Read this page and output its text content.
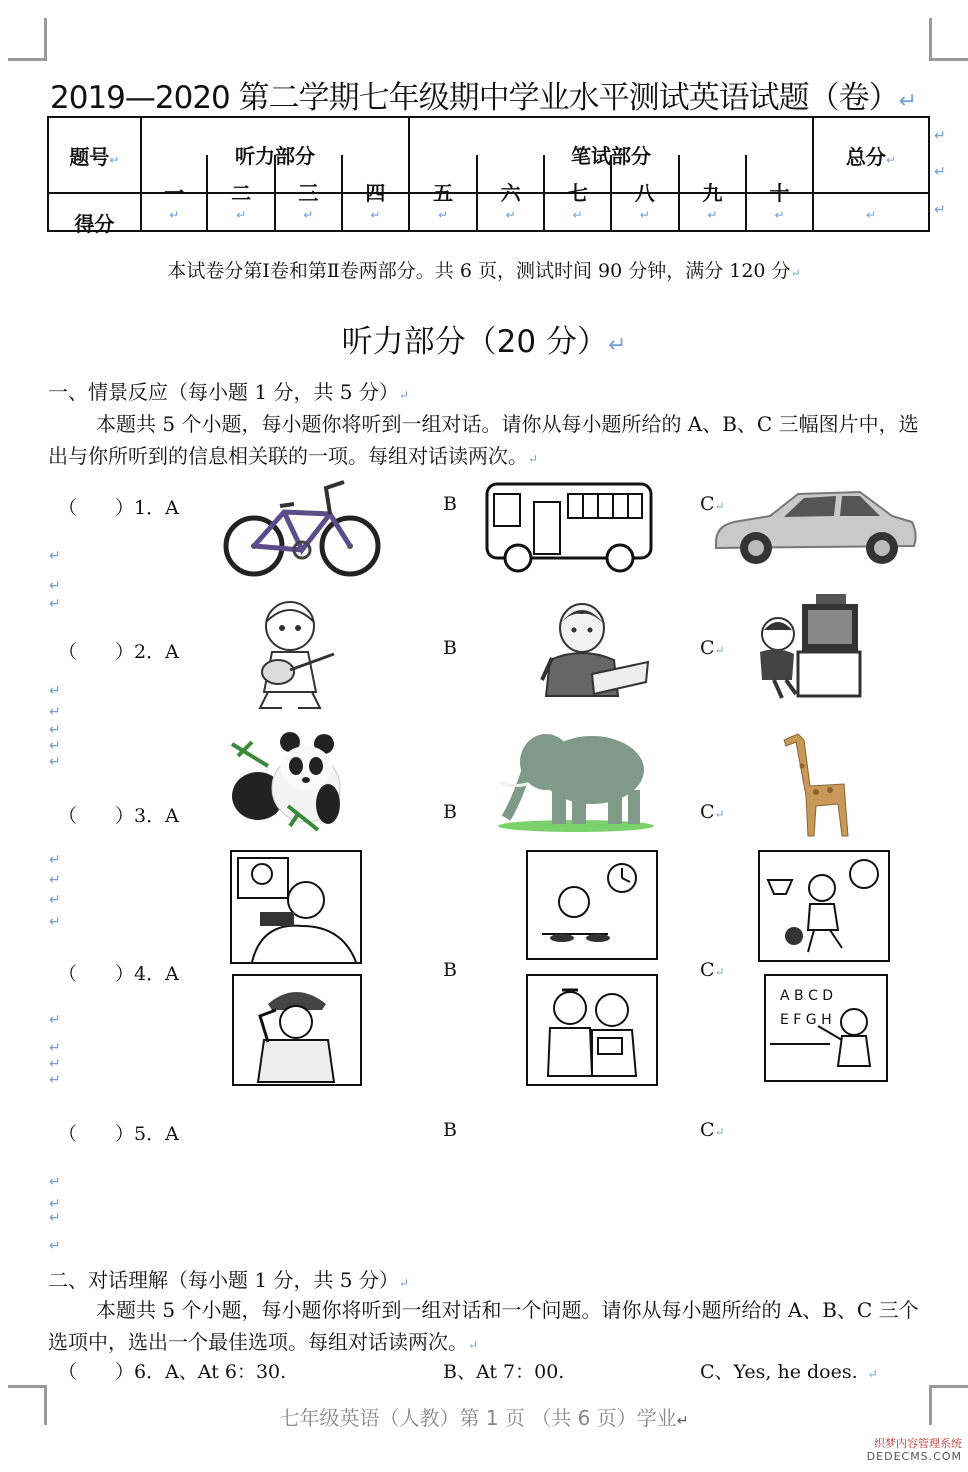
2019—2020 第二学期七年级期中学业水平测试英语试题（卷）↵
题号↵	听力部分				笔试部分						总分↵

	一	二	三	四	五	六	七	八	九	十	

得分	↵	↵	↵	↵	↵	↵	↵	↵	↵	↵	↵
↵
↵
↵
本试卷分第Ⅰ卷和第Ⅱ卷两部分。共 6 页，测试时间 90 分钟，满分 120 分↵
听力部分（20 分）↵
一、情景反应（每小题 1 分，共 5 分）↵
本题共 5 个小题，每小题你将听到一组对话。请你从每小题所给的 A、B、C 三幅图片中，选出与你所听到的信息相关联的一项。每组对话读两次。↵
（　　）1．A	B	C↵
↵
↵
↵
（　　）2．A	B	C↵
↵
↵
↵
↵
↵
（　　）3．A	B	C↵
↵
↵
↵
↵
（　　）4．A	B	C↵
A B C D
E F G H
↵
↵
↵
↵
（　　）5．A	B	C↵
↵
↵
↵
↵
二、对话理解（每小题 1 分，共 5 分）↵
本题共 5 个小题，每小题你将听到一组对话和一个问题。请你从每小题所给的 A、B、C 三个选项中，选出一个最佳选项。每组对话读两次。↵
（　　）6．A、At 6：30.	B、At 7：00.	C、Yes, he does. ↵
七年级英语（人教）第 1 页 （共 6 页）学业↵
织梦内容管理系统
DEDECMS.COM
